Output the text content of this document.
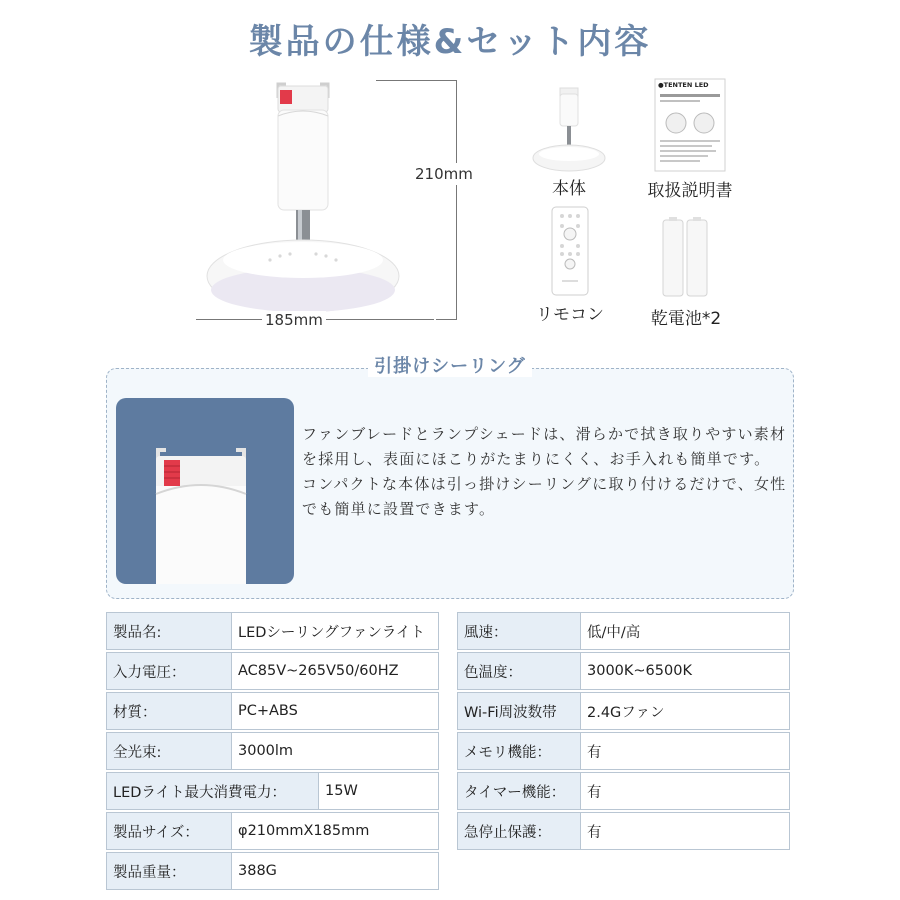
製品の仕様&セット内容
210mm
185mm
本体
●TENTEN LED
取扱説明書
リモコン	乾電池*2
引掛けシーリング

ファンブレードとランプシェードは、滑らかで拭き取りやすい素材を採用し、表面にほこりがたまりにくく、お手入れも簡単です。

コンパクトな本体は引っ掛けシーリングに取り付けるだけで、女性でも簡単に設置できます。

製品名:	LEDシーリングファンライト
入力電圧：	AC85V~265V50/60HZ
材質：	PC+ABS
全光束:	3000lm
LEDライト最大消費電力：	15W
製品サイズ：	φ210mmX185mm
製品重量：	388G
風速：	低/中/高
色温度：	3000K~6500K
Wi-Fi周波数帯	2.4Gファン
メモリ機能：	有
タイマー機能：	有
急停止保護：	有
